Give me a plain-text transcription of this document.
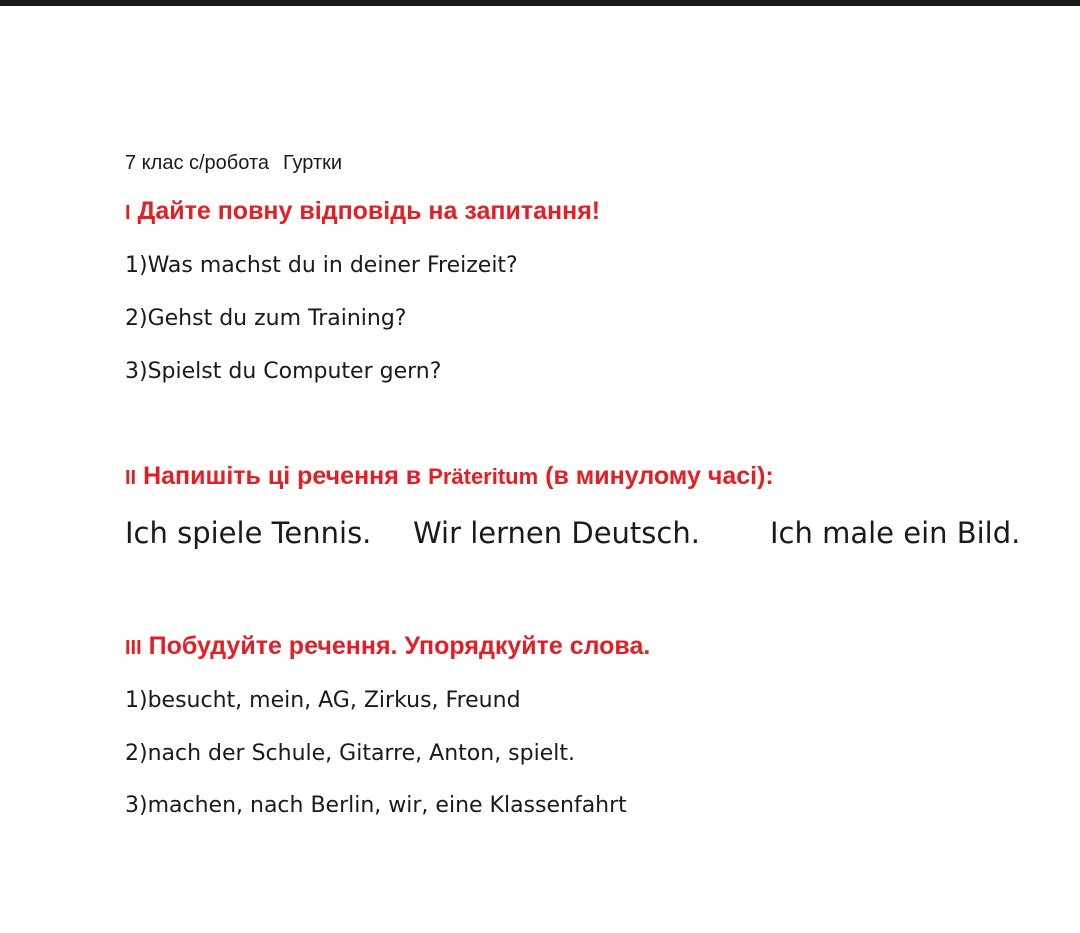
7 клас с/робота Гуртки
I Дайте повну відповідь на запитання!
1)Was machst du in deiner Freizeit?
2)Gehst du zum Training?
3)Spielst du Computer gern?
II Напишіть ці речення в Präteritum (в минулому часі):
Ich spiele Tennis. Wir lernen Deutsch. Ich male ein Bild.
III Побудуйте речення. Упорядкуйте слова.
1)besucht, mein, AG, Zirkus, Freund
2)nach der Schule, Gitarre, Anton, spielt.
3)machen, nach Berlin, wir, eine Klassenfahrt
